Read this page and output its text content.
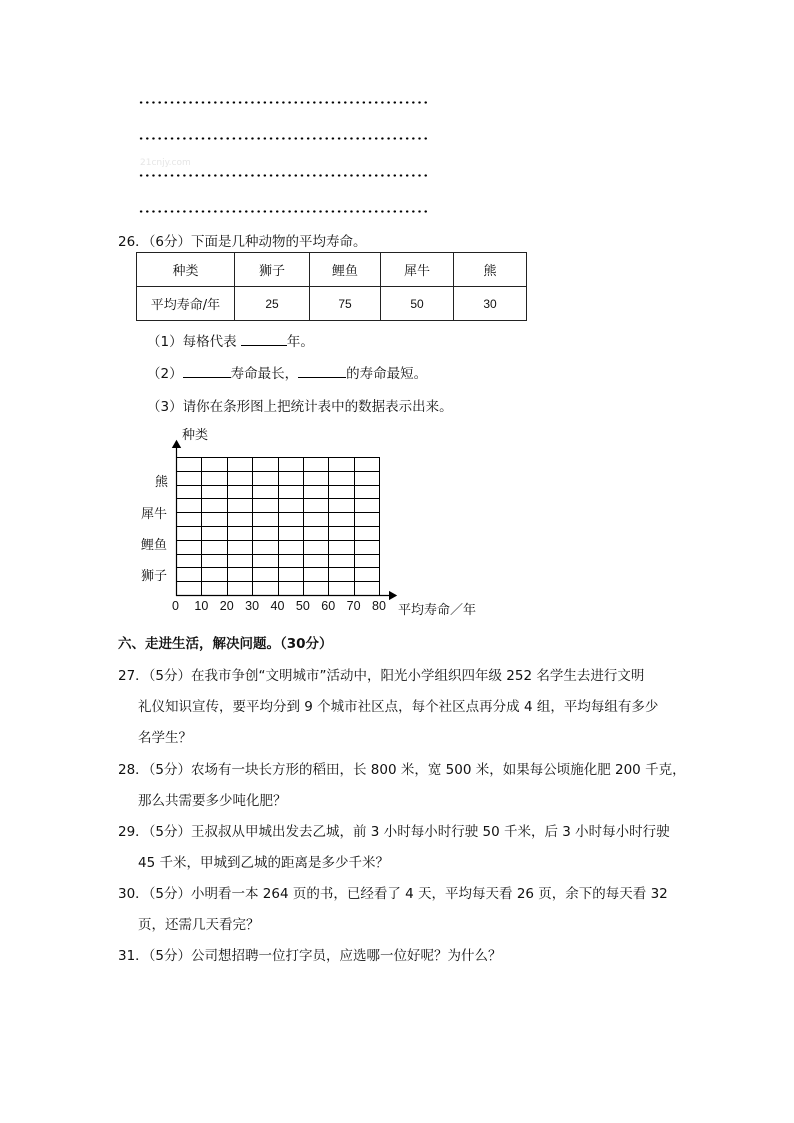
21cnjy.com
26．（6分）下面是几种动物的平均寿命。
种类	狮子	鲤鱼	犀牛	熊
平均寿命/年	25	75	50	30
（1）每格代表	年。
（2）	寿命最长，	的寿命最短。
（3）请你在条形图上把统计表中的数据表示出来。
种类
熊
犀牛
鲤鱼
狮子
0 10 20 30 40 50 60 70 80 平均寿命／年
六、走进生活，解决问题。（30分）
27．（5分）在我市争创“文明城市”活动中，阳光小学组织四年级 252 名学生去进行文明
礼仪知识宣传，要平均分到 9 个城市社区点，每个社区点再分成 4 组，平均每组有多少
名学生？
28．（5分）农场有一块长方形的稻田，长 800 米，宽 500 米，如果每公顷施化肥 200 千克，
那么共需要多少吨化肥？
29．（5分）王叔叔从甲城出发去乙城，前 3 小时每小时行驶 50 千米，后 3 小时每小时行驶
45 千米，甲城到乙城的距离是多少千米？
30．（5分）小明看一本 264 页的书，已经看了 4 天，平均每天看 26 页，余下的每天看 32
页，还需几天看完？
31．（5分）公司想招聘一位打字员，应选哪一位好呢？为什么？
